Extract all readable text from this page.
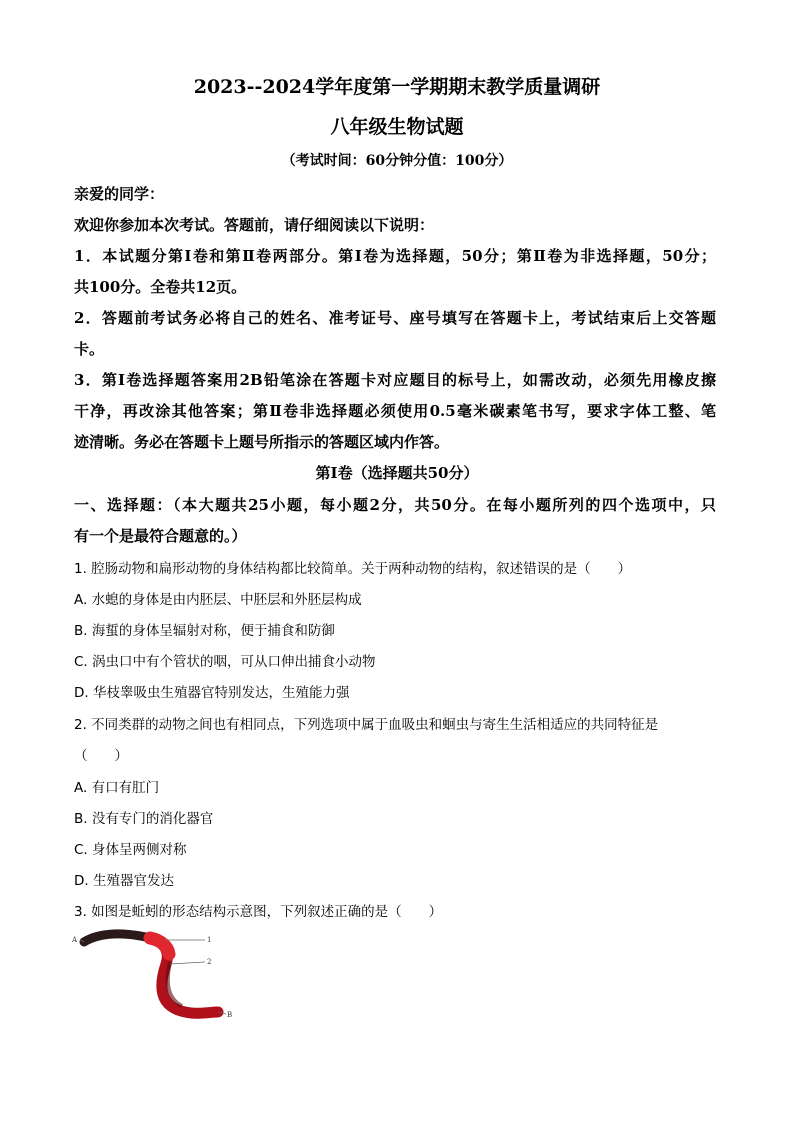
2023--2024学年度第一学期期末教学质量调研
八年级生物试题
（考试时间：60分钟分值：100分）
亲爱的同学：
欢迎你参加本次考试。答题前，请仔细阅读以下说明：
1．本试题分第Ⅰ卷和第Ⅱ卷两部分。第Ⅰ卷为选择题，50分；第Ⅱ卷为非选择题，50分；
共100分。全卷共12页。
2．答题前考试务必将自己的姓名、准考证号、座号填写在答题卡上，考试结束后上交答题
卡。
3．第Ⅰ卷选择题答案用2B铅笔涂在答题卡对应题目的标号上，如需改动，必须先用橡皮擦
干净，再改涂其他答案；第Ⅱ卷非选择题必须使用0.5毫米碳素笔书写，要求字体工整、笔
迹清晰。务必在答题卡上题号所指示的答题区域内作答。
第Ⅰ卷（选择题共50分）
一、选择题：（本大题共25小题，每小题2分，共50分。在每小题所列的四个选项中，只
有一个是最符合题意的。）
1. 腔肠动物和扁形动物的身体结构都比较简单。关于两种动物的结构，叙述错误的是（　　）
A. 水螅的身体是由内胚层、中胚层和外胚层构成
B. 海蜇的身体呈辐射对称，便于捕食和防御
C. 涡虫口中有个管状的咽，可从口伸出捕食小动物
D. 华枝睾吸虫生殖器官特别发达，生殖能力强
2. 不同类群的动物之间也有相同点，下列选项中属于血吸虫和蛔虫与寄生生活相适应的共同特征是
（　　）
A. 有口有肛门
B. 没有专门的消化器官
C. 身体呈两侧对称
D. 生殖器官发达
3. 如图是蚯蚓的形态结构示意图，下列叙述正确的是（　　）
A	1
2
B
